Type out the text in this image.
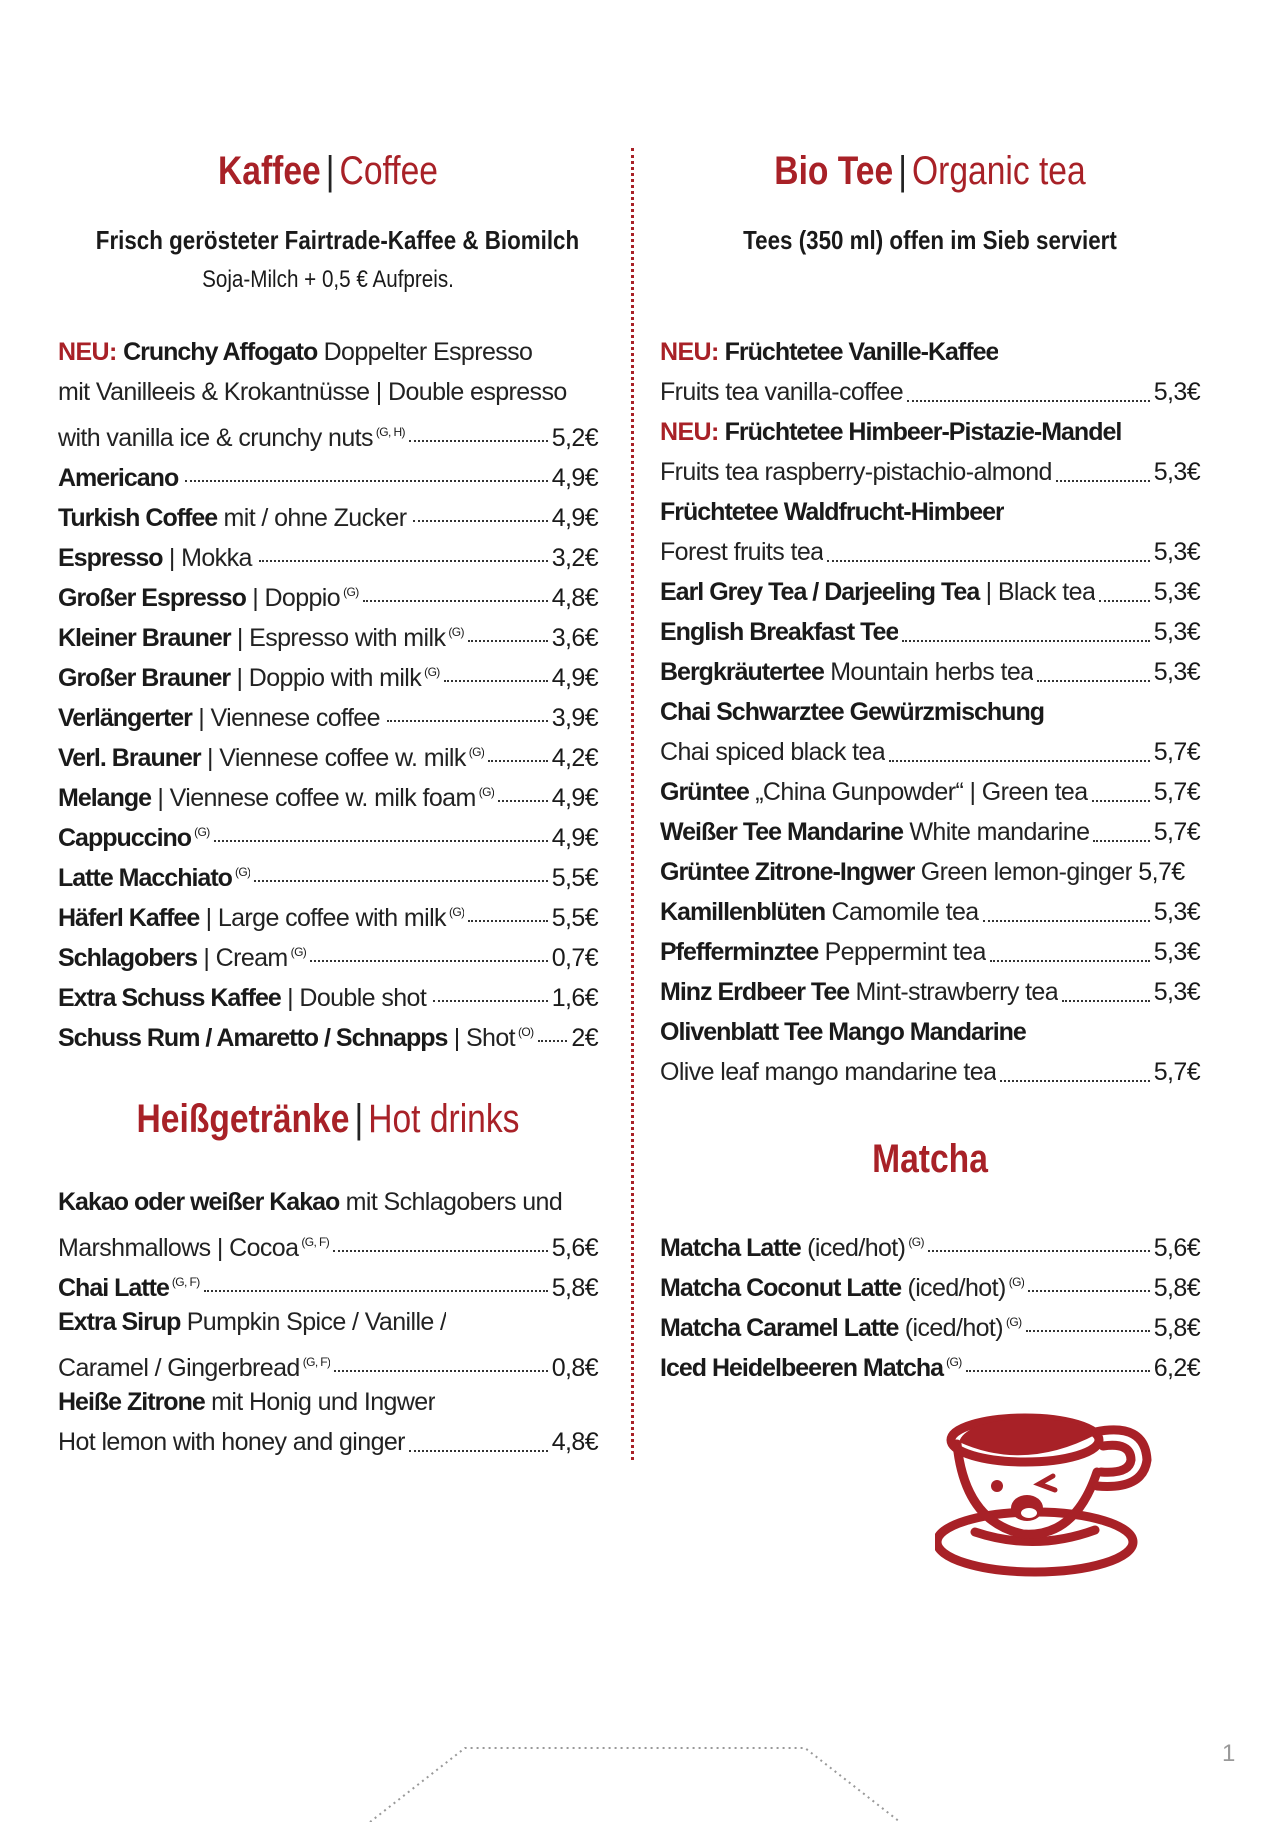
Kaffee | Coffee
Frisch gerösteter Fairtrade-Kaffee & Biomilch
Soja-Milch + 0,5 € Aufpreis.
NEU: Crunchy Affogato Doppelter Espresso
mit Vanilleeis & Krokantnüsse | Double espresso
with vanilla ice & crunchy nuts $^{(G, H)}$	5,2€
Americano	4,9€
Turkish Coffee mit / ohne Zucker	4,9€
Espresso | Mokka	3,2€
Großer Espresso | Doppio $^{(G)}$	4,8€
Kleiner Brauner | Espresso with milk $^{(G)}$	3,6€
Großer Brauner | Doppio with milk $^{(G)}$	4,9€
Verlängerter | Viennese coffee	3,9€
Verl. Brauner | Viennese coffee w. milk $^{(G)}$	4,2€
Melange | Viennese coffee w. milk foam $^{(G)}$ 4,9€
Cappuccino $^{(G)}$	4,9€
Latte Macchiato $^{(G)}$	5,5€
Häferl Kaffee | Large coffee with milk $^{(G)}$	5,5€
Schlagobers | Cream $^{(G)}$	0,7€
Extra Schuss Kaffee | Double shot	1,6€
Schuss Rum / Amaretto / Schnapps | Shot $^{(O)}$ 2€
Heißgetränke | Hot drinks
Kakao oder weißer Kakao mit Schlagobers und
Marshmallows | Cocoa $^{(G, F)}$	5,6€
Chai Latte $^{(G, F)}$	5,8€
Extra Sirup Pumpkin Spice / Vanille /
Caramel / Gingerbread $^{(G, F)}$	0,8€
Heiße Zitrone mit Honig und Ingwer
Hot lemon with honey and ginger	4,8€
Bio Tee | Organic tea
Tees (350 ml) offen im Sieb serviert
NEU: Früchtetee Vanille-Kaffee
Fruits tea vanilla-coffee	5,3€
NEU: Früchtetee Himbeer-Pistazie-Mandel
Fruits tea raspberry-pistachio-almond	5,3€
Früchtetee Waldfrucht-Himbeer
Forest fruits tea	5,3€
Earl Grey Tea / Darjeeling Tea | Black tea 5,3€
English Breakfast Tee	5,3€
Bergkräutertee Mountain herbs tea	5,3€
Chai Schwarztee Gewürzmischung
Chai spiced black tea	5,7€
Grüntee „China Gunpowder“ | Green tea	5,7€
Weißer Tee Mandarine White mandarine	5,7€
Grüntee Zitrone-Ingwer Green lemon-ginger 5,7€
Kamillenblüten Camomile tea	5,3€
Pfefferminztee Peppermint tea	5,3€
Minz Erdbeer Tee Mint-strawberry tea	5,3€
Olivenblatt Tee Mango Mandarine
Olive leaf mango mandarine tea	5,7€
Matcha
Matcha Latte (iced/hot) $^{(G)}$	5,6€
Matcha Coconut Latte (iced/hot) $^{(G)}$	5,8€
Matcha Caramel Latte (iced/hot) $^{(G)}$	5,8€
Iced Heidelbeeren Matcha $^{(G)}$	6,2€
1
